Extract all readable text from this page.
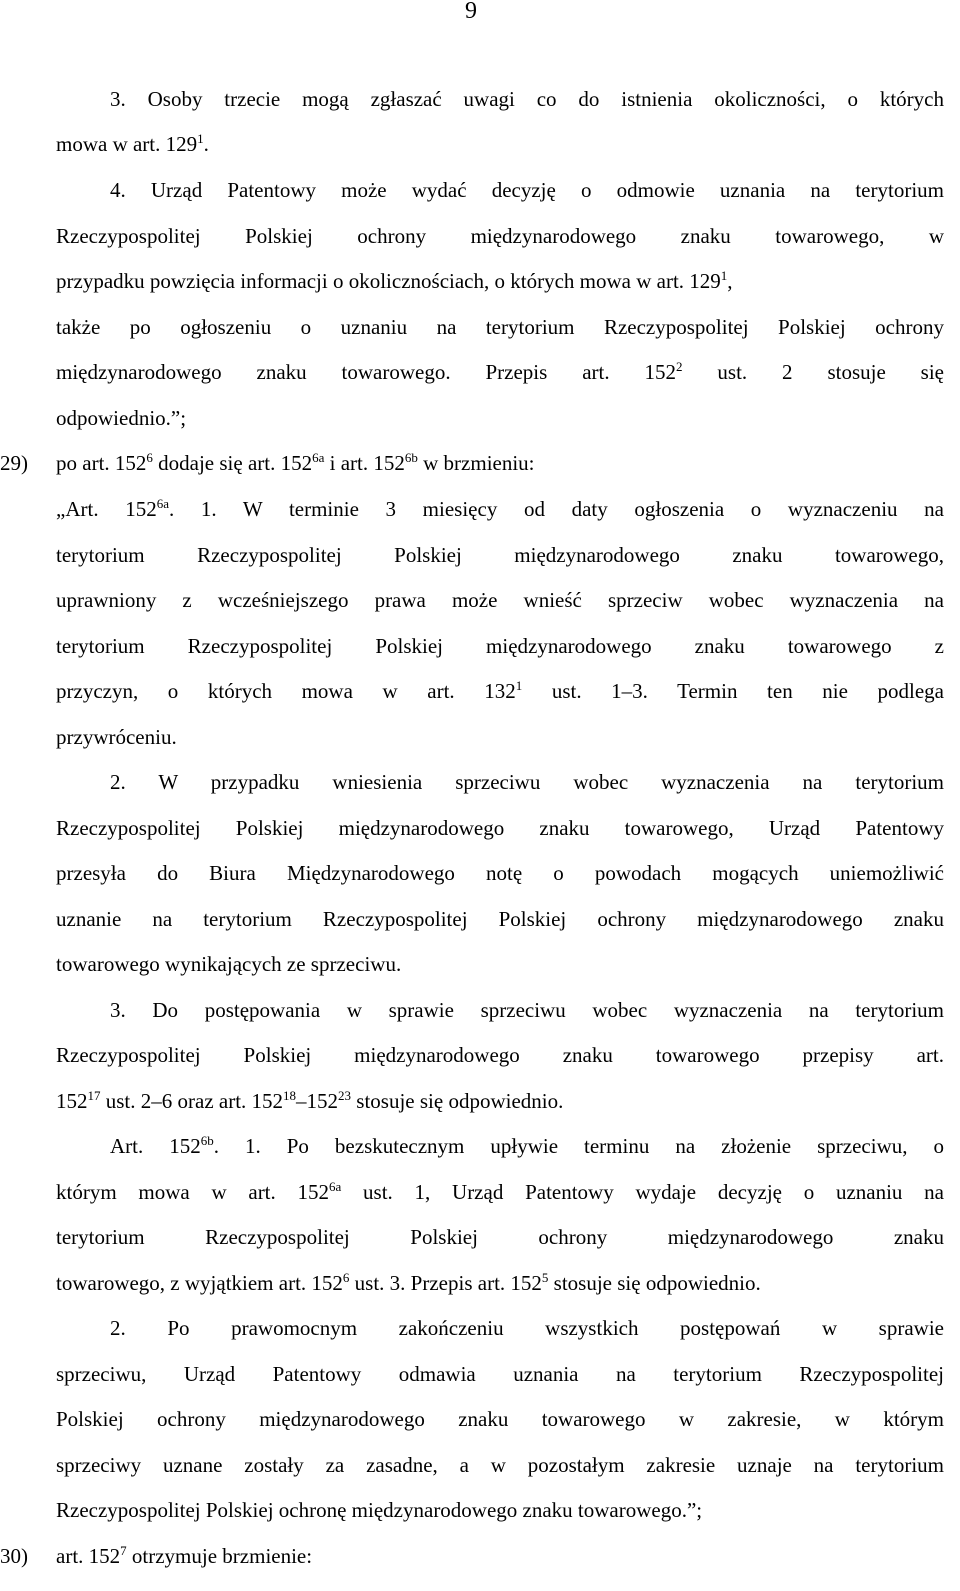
9
3. Osoby trzecie mogą zgłaszać uwagi co do istnienia okoliczności, o których
mowa w art. $129^1$.
4. Urząd Patentowy może wydać decyzję o odmowie uznania na terytorium
Rzeczypospolitej Polskiej ochrony międzynarodowego znaku towarowego, w
przypadku powzięcia informacji o okolicznościach, o których mowa w art. $129^1$,
także po ogłoszeniu o uznaniu na terytorium Rzeczypospolitej Polskiej ochrony
międzynarodowego znaku towarowego. Przepis art. $152^2$ ust. 2 stosuje się
odpowiednio.”;
29)	po art. $152^6$ dodaje się art. $152^{6a}$ i art. $152^{6b}$ w brzmieniu:
„Art. $152^{6a}$. 1. W terminie 3 miesięcy od daty ogłoszenia o wyznaczeniu na
terytorium Rzeczypospolitej Polskiej międzynarodowego znaku towarowego,
uprawniony z wcześniejszego prawa może wnieść sprzeciw wobec wyznaczenia na
terytorium Rzeczypospolitej Polskiej międzynarodowego znaku towarowego z
przyczyn, o których mowa w art. $132^1$ ust. 1–3. Termin ten nie podlega
przywróceniu.
2. W przypadku wniesienia sprzeciwu wobec wyznaczenia na terytorium
Rzeczypospolitej Polskiej międzynarodowego znaku towarowego, Urząd Patentowy
przesyła do Biura Międzynarodowego notę o powodach mogących uniemożliwić
uznanie na terytorium Rzeczypospolitej Polskiej ochrony międzynarodowego znaku
towarowego wynikających ze sprzeciwu.
3. Do postępowania w sprawie sprzeciwu wobec wyznaczenia na terytorium
Rzeczypospolitej Polskiej międzynarodowego znaku towarowego przepisy art.
$152^{17}$ ust. 2–6 oraz art. $152^{18}-152^{23}$ stosuje się odpowiednio.
Art. $152^{6b}$. 1. Po bezskutecznym upływie terminu na złożenie sprzeciwu, o
którym mowa w art. $152^{6a}$ ust. 1, Urząd Patentowy wydaje decyzję o uznaniu na
terytorium Rzeczypospolitej Polskiej ochrony międzynarodowego znaku
towarowego, z wyjątkiem art. $152^6$ ust. 3. Przepis art. $152^5$ stosuje się odpowiednio.
2. Po prawomocnym zakończeniu wszystkich postępowań w sprawie
sprzeciwu, Urząd Patentowy odmawia uznania na terytorium Rzeczypospolitej
Polskiej ochrony międzynarodowego znaku towarowego w zakresie, w którym
sprzeciwy uznane zostały za zasadne, a w pozostałym zakresie uznaje na terytorium
Rzeczypospolitej Polskiej ochronę międzynarodowego znaku towarowego.”;
30)	art. $152^7$ otrzymuje brzmienie:
